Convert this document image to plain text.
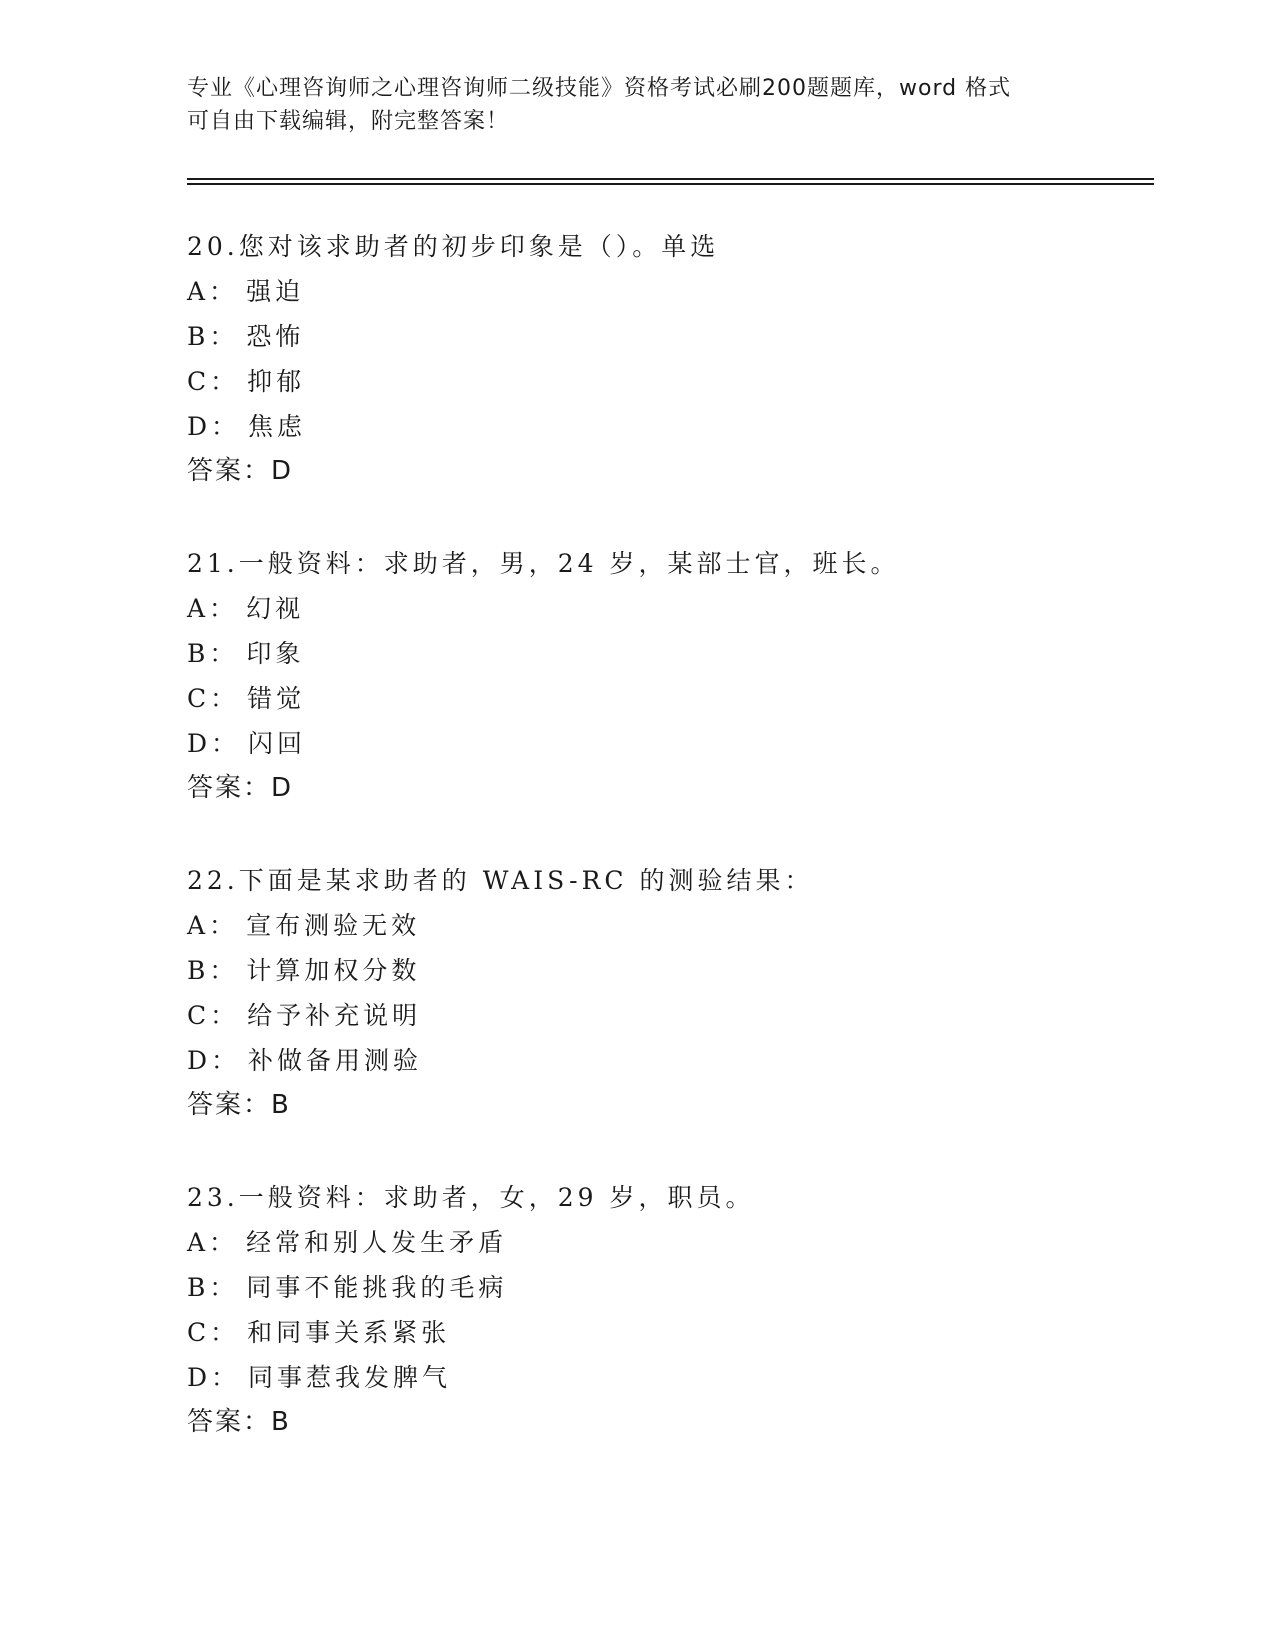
专业《心理咨询师之心理咨询师二级技能》资格考试必刷200题题库，word 格式
可自由下载编辑，附完整答案！
20.您对该求助者的初步印象是（）。单选
A： 强迫
B： 恐怖
C： 抑郁
D： 焦虑
答案：D
21.一般资料：求助者，男，24 岁，某部士官，班长。
A： 幻视
B： 印象
C： 错觉
D： 闪回
答案：D
22.下面是某求助者的 WAIS-RC 的测验结果：
A： 宣布测验无效
B： 计算加权分数
C： 给予补充说明
D： 补做备用测验
答案：B
23.一般资料：求助者，女，29 岁，职员。
A： 经常和别人发生矛盾
B： 同事不能挑我的毛病
C： 和同事关系紧张
D： 同事惹我发脾气
答案：B
